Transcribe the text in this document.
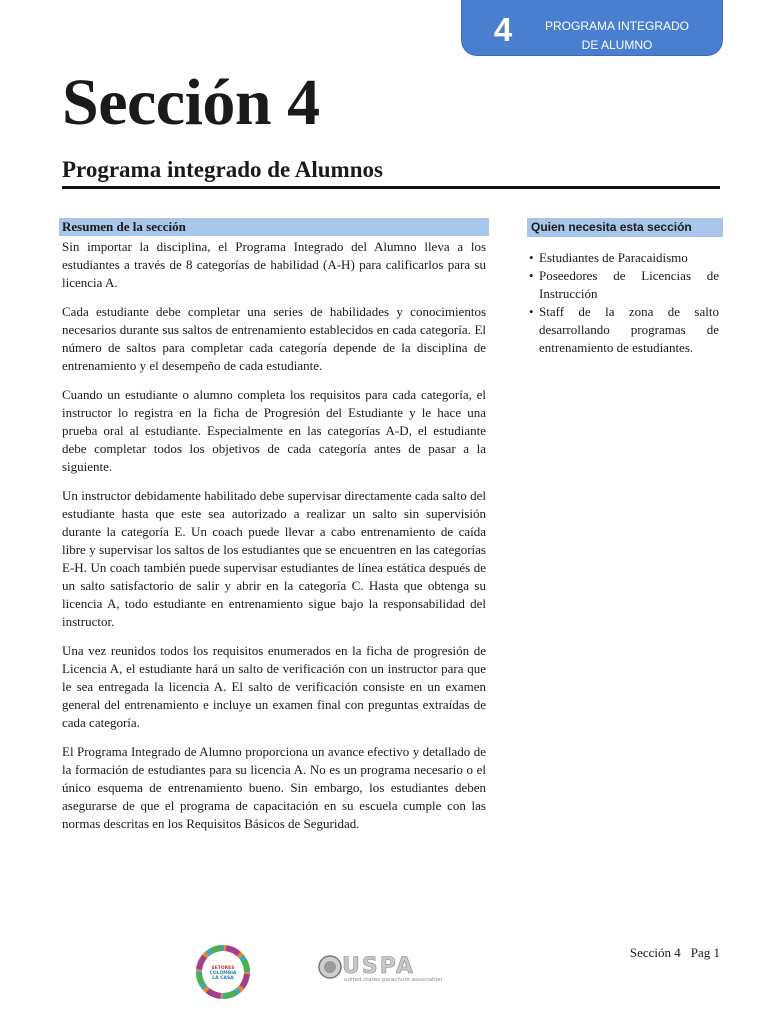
4	PROGRAMA INTEGRADO
DE ALUMNO
Sección 4
Programa integrado de Alumnos
Resumen de la sección	Quien necesita esta sección

Sin importar la disciplina, el Programa Integrado del Alumno lleva a los estudiantes a través de 8 categorías de habilidad (A-H) para calificarlos para su licencia A.

Cada estudiante debe completar una series de habilidades y conocimientos necesarios durante sus saltos de entrenamiento establecidos en cada categoría. El número de saltos para completar cada categoría depende de la disciplina de entrenamiento y el desempeño de cada estudiante.

Cuando un estudiante o alumno completa los requisitos para cada categoría, el instructor lo registra en la ficha de Progresión del Estudiante y le hace una prueba oral al estudiante. Especialmente en las categorías A-D, el estudiante debe completar todos los objetivos de cada categoría antes de pasar a la siguiente.

Un instructor debidamente habilitado debe supervisar directamente cada salto del estudiante hasta que este sea autorizado a realizar un salto sin supervisión durante la categoría E. Un coach puede llevar a cabo entrenamiento de caída libre y supervisar los saltos de los estudiantes que se encuentren en las categorías E-H. Un coach también puede supervisar estudiantes de línea estática después de un salto satisfactorio de salir y abrir en la categoría C. Hasta que obtenga su licencia A, todo estudiante en entrenamiento sigue bajo la responsabilidad del instructor.

Una vez reunidos todos los requisitos enumerados en la ficha de progresión de Licencia A, el estudiante hará un salto de verificación con un instructor para que le sea entregada la licencia A. El salto de verificación consiste en un examen general del entrenamiento e incluye un examen final con preguntas extraídas de cada categoría.

El Programa Integrado de Alumno proporciona un avance efectivo y detallado de la formación de estudiantes para su licencia A. No es un programa necesario o el único esquema de entrenamiento bueno. Sin embargo, los estudiantes deben asegurarse de que el programa de capacitación en su escuela cumple con las normas descritas en los Requisitos Básicos de Seguridad.

• Estudiantes de Paracaidismo
• Poseedores de Licencias de Instrucción
• Staff de la zona de salto desarrollando programas de entrenamiento de estudiantes.
SETORES
COLOMBIA
LA CASA	USPA
united states parachute association
Sección 4 Pag 1
